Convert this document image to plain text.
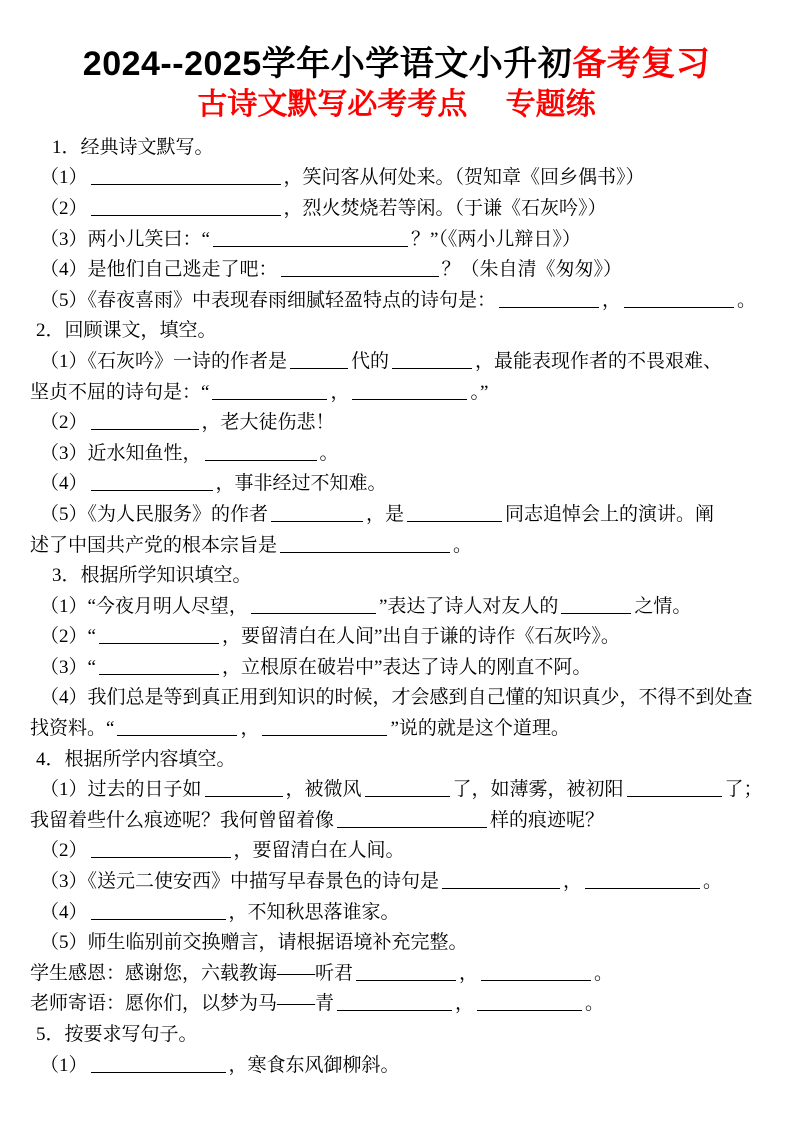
2024--2025学年小学语文小升初备考复习
古诗文默写必考考点　 专题练
1．经典诗文默写。
（1）	，笑问客从何处来。（贺知章《回乡偶书》）
（2）	，烈火焚烧若等闲。（于谦《石灰吟》）
（3）两小儿笑曰：“	？”（《两小儿辩日》）
（4）是他们自己逃走了吧：	？（朱自清《匆匆》）
（5）《春夜喜雨》中表现春雨细腻轻盈特点的诗句是：	，	。
2．回顾课文，填空。
（1）《石灰吟》一诗的作者是	代的	，最能表现作者的不畏艰难、
坚贞不屈的诗句是：“	，	。”
（2）	，老大徒伤悲！
（3）近水知鱼性，	。
（4）	，事非经过不知难。
（5）《为人民服务》的作者	，是	同志追悼会上的演讲。阐
述了中国共产党的根本宗旨是	。
3．根据所学知识填空。
（1）“今夜月明人尽望，	”表达了诗人对友人的	之情。
（2）“	，要留清白在人间”出自于谦的诗作《石灰吟》。
（3）“	，立根原在破岩中”表达了诗人的刚直不阿。
（4）我们总是等到真正用到知识的时候，才会感到自己懂的知识真少，不得不到处查
找资料。“	，	”说的就是这个道理。
4．根据所学内容填空。
（1）过去的日子如	，被微风	了，如薄雾，被初阳	了；
我留着些什么痕迹呢？我何曾留着像	样的痕迹呢？
（2）	，要留清白在人间。
（3）《送元二使安西》中描写早春景色的诗句是	，	。
（4）	，不知秋思落谁家。
（5）师生临别前交换赠言，请根据语境补充完整。
学生感恩：感谢您，六载教诲——听君	，	。
老师寄语：愿你们，以梦为马——青	，	。
5．按要求写句子。
（1）	，寒食东风御柳斜。
